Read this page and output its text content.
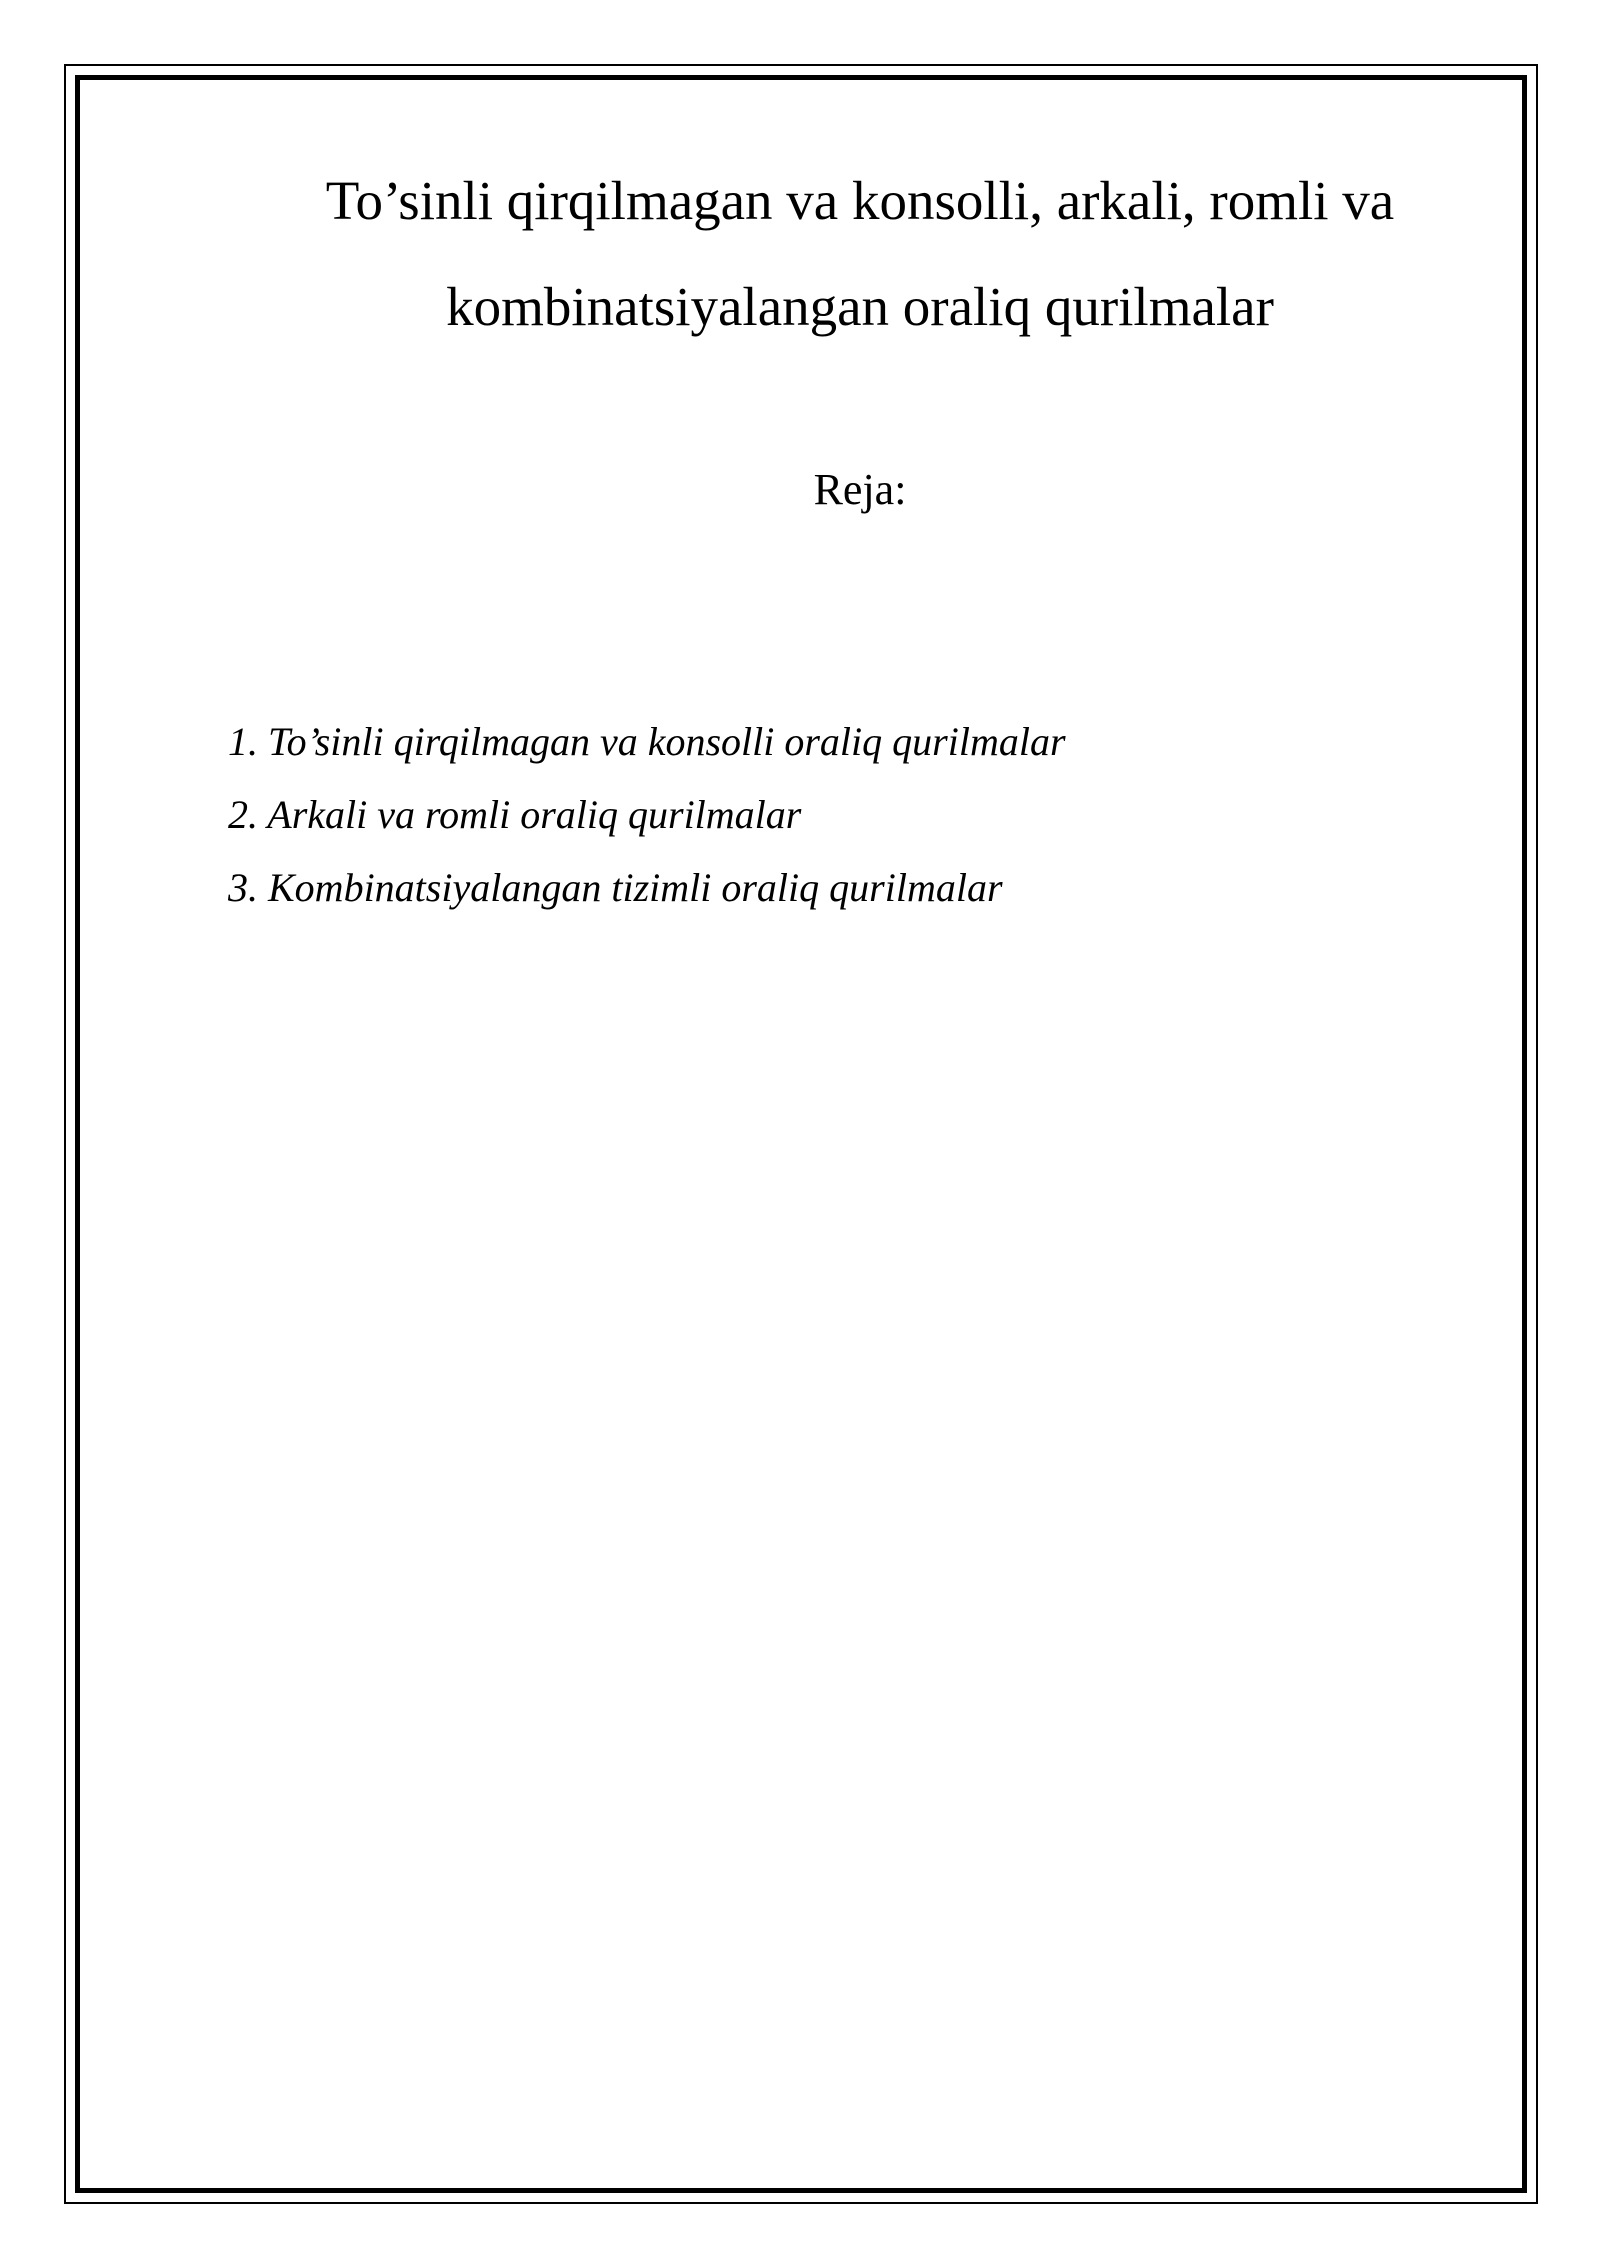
To’sinli qirqilmagan va konsolli, arkali, romli va
kombinatsiyalangan oraliq qurilmalar
Reja:
1. To’sinli qirqilmagan va konsolli oraliq qurilmalar
2. Arkali va romli oraliq qurilmalar
3. Kombinatsiyalangan tizimli oraliq qurilmalar
